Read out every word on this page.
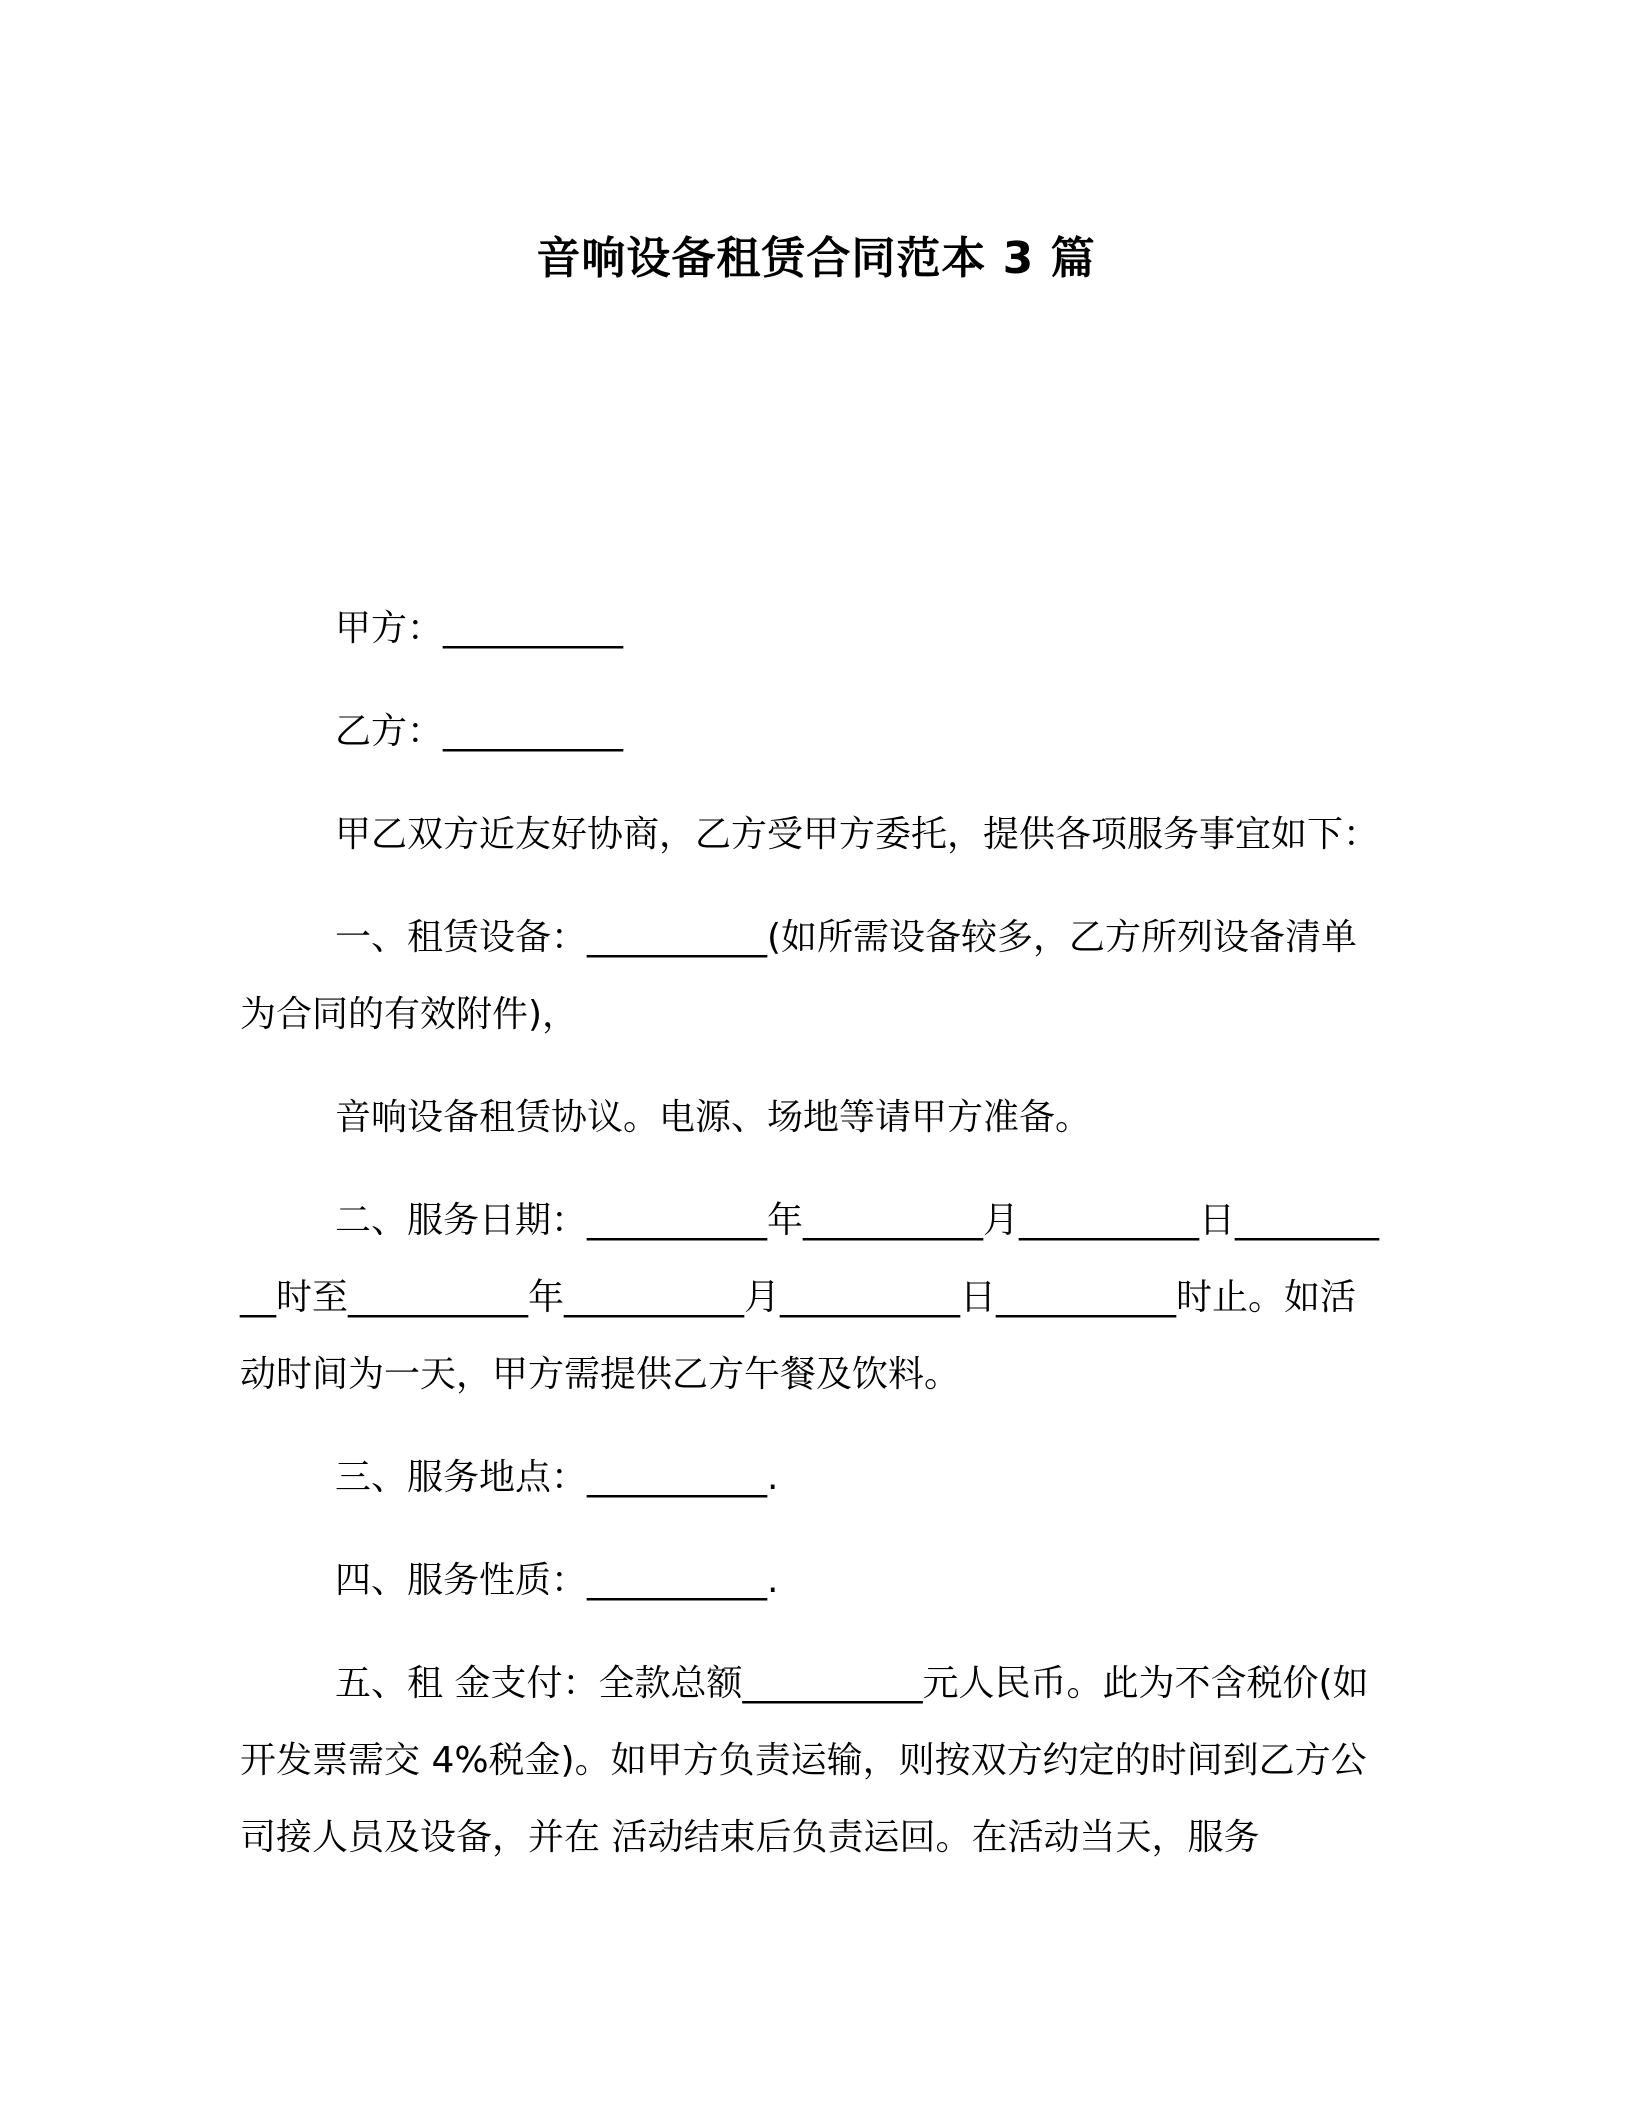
音响设备租赁合同范本 3 篇

甲方：__________

乙方：__________

甲乙双方近友好协商，乙方受甲方委托，提供各项服务事宜如下：

一、租赁设备：__________(如所需设备较多，乙方所列设备清单为合同的有效附件)，

音响设备租赁协议。电源、场地等请甲方准备。

二、服务日期：__________年__________月__________日__________时至__________年__________月__________日__________时止。如活动时间为一天，甲方需提供乙方午餐及饮料。

三、服务地点：__________.

四、服务性质：__________.

五、租 金支付：全款总额__________元人民币。此为不含税价(如开发票需交 4%税金)。如甲方负责运输，则按双方约定的时间到乙方公司接人员及设备，并在 活动结束后负责运回。在活动当天，服务
